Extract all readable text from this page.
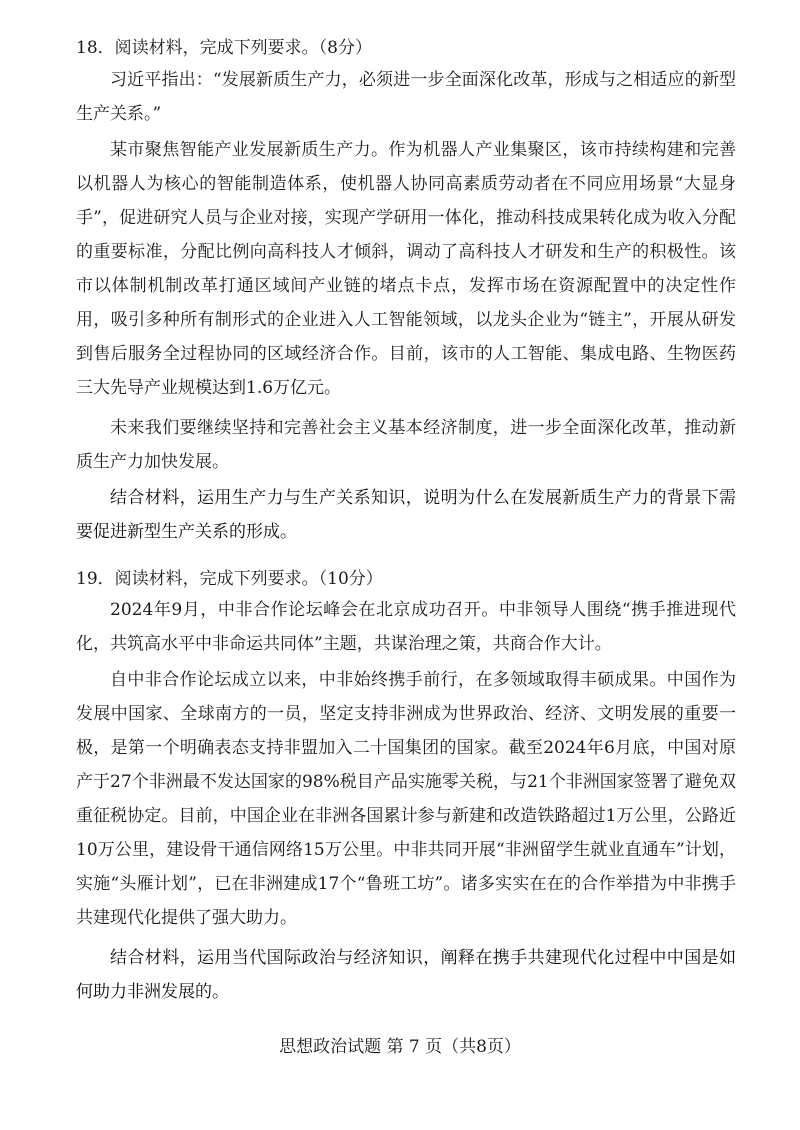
18．阅读材料，完成下列要求。（8分）

习近平指出：“发展新质生产力，必须进一步全面深化改革，形成与之相适应的新型生产关系。”

某市聚焦智能产业发展新质生产力。作为机器人产业集聚区，该市持续构建和完善以机器人为核心的智能制造体系，使机器人协同高素质劳动者在不同应用场景“大显身手”，促进研究人员与企业对接，实现产学研用一体化，推动科技成果转化成为收入分配的重要标准，分配比例向高科技人才倾斜，调动了高科技人才研发和生产的积极性。该市以体制机制改革打通区域间产业链的堵点卡点，发挥市场在资源配置中的决定性作用，吸引多种所有制形式的企业进入人工智能领域，以龙头企业为“链主”，开展从研发到售后服务全过程协同的区域经济合作。目前，该市的人工智能、集成电路、生物医药三大先导产业规模达到1.6万亿元。

未来我们要继续坚持和完善社会主义基本经济制度，进一步全面深化改革，推动新质生产力加快发展。

结合材料，运用生产力与生产关系知识，说明为什么在发展新质生产力的背景下需要促进新型生产关系的形成。

19．阅读材料，完成下列要求。（10分）

2024年9月，中非合作论坛峰会在北京成功召开。中非领导人围绕“携手推进现代化，共筑高水平中非命运共同体”主题，共谋治理之策，共商合作大计。

自中非合作论坛成立以来，中非始终携手前行，在多领域取得丰硕成果。中国作为发展中国家、全球南方的一员，坚定支持非洲成为世界政治、经济、文明发展的重要一极，是第一个明确表态支持非盟加入二十国集团的国家。截至2024年6月底，中国对原产于27个非洲最不发达国家的98%税目产品实施零关税，与21个非洲国家签署了避免双重征税协定。目前，中国企业在非洲各国累计参与新建和改造铁路超过1万公里，公路近10万公里，建设骨干通信网络15万公里。中非共同开展“非洲留学生就业直通车”计划，实施“头雁计划”，已在非洲建成17个“鲁班工坊”。诸多实实在在的合作举措为中非携手共建现代化提供了强大助力。

结合材料，运用当代国际政治与经济知识，阐释在携手共建现代化过程中中国是如何助力非洲发展的。

思想政治试题 第 7 页（共8页）
